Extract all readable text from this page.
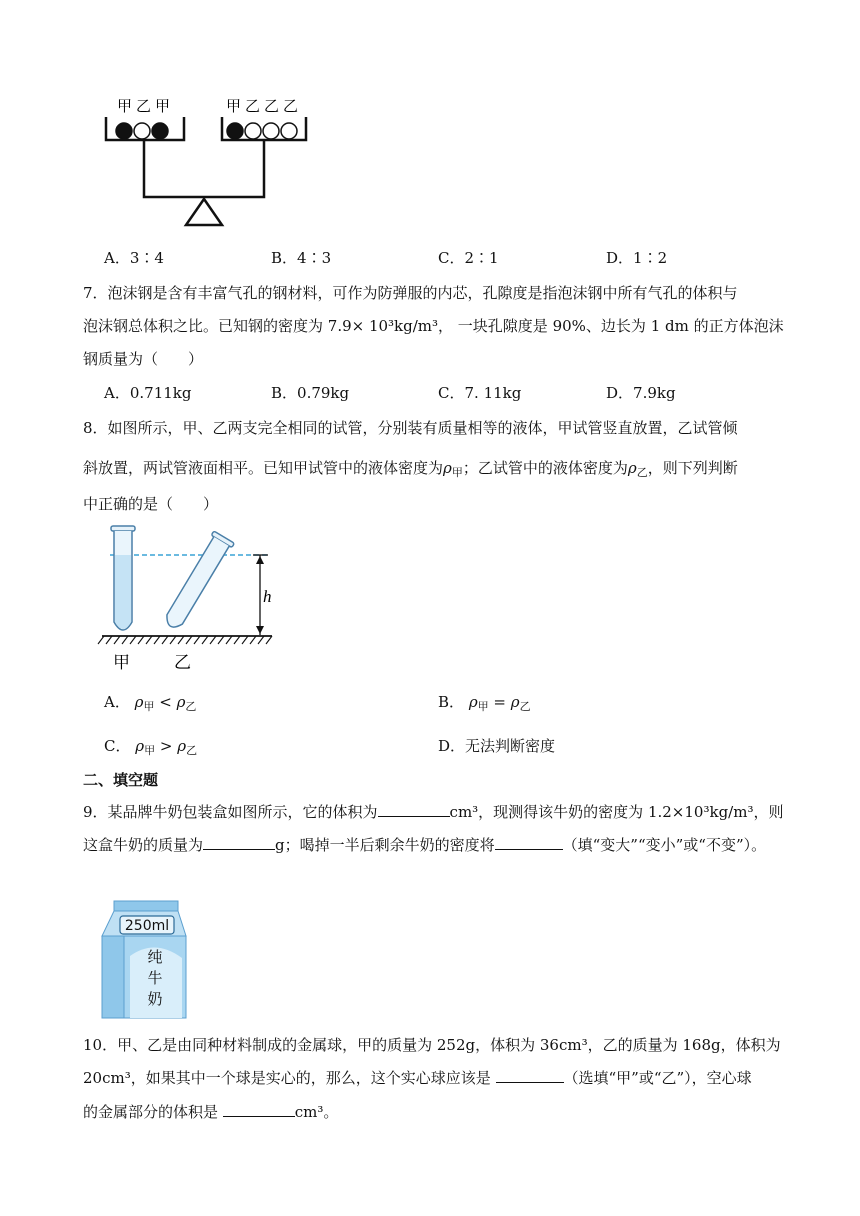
甲 乙 甲	甲 乙 乙 乙
A．3∶4	B．4∶3	C．2∶1	D．1∶2
7．泡沫钢是含有丰富气孔的钢材料，可作为防弹服的内芯，孔隙度是指泡沫钢中所有气孔的体积与
泡沫钢总体积之比。已知钢的密度为 7.9× 10³kg/m³， 一块孔隙度是 90%、边长为 1 dm 的正方体泡沫
钢质量为（　　）
A．0.711kg	B．0.79kg	C．7. 11kg	D．7.9kg
8．如图所示，甲、乙两支完全相同的试管，分别装有质量相等的液体，甲试管竖直放置，乙试管倾
斜放置，两试管液面相平。已知甲试管中的液体密度为$\rho_甲$；乙试管中的液体密度为$\rho_乙$，则下列判断
中正确的是（　　）
h
甲	乙
A． $\rho_甲 < \rho_乙$	B． $\rho_甲 = \rho_乙$
C． $\rho_甲 > \rho_乙$	D．无法判断密度
二、填空题
9．某品牌牛奶包装盒如图所示，它的体积为	cm³，现测得该牛奶的密度为 1.2×10³kg/m³，则
这盒牛奶的质量为	g；喝掉一半后剩余牛奶的密度将	（填“变大”“变小”或“不变”）。
250ml
纯
牛
奶
10．甲、乙是由同种材料制成的金属球，甲的质量为 252g，体积为 36cm³，乙的质量为 168g，体积为
20cm³，如果其中一个球是实心的，那么，这个实心球应该是	（选填“甲”或“乙”），空心球
的金属部分的体积是	cm³。
